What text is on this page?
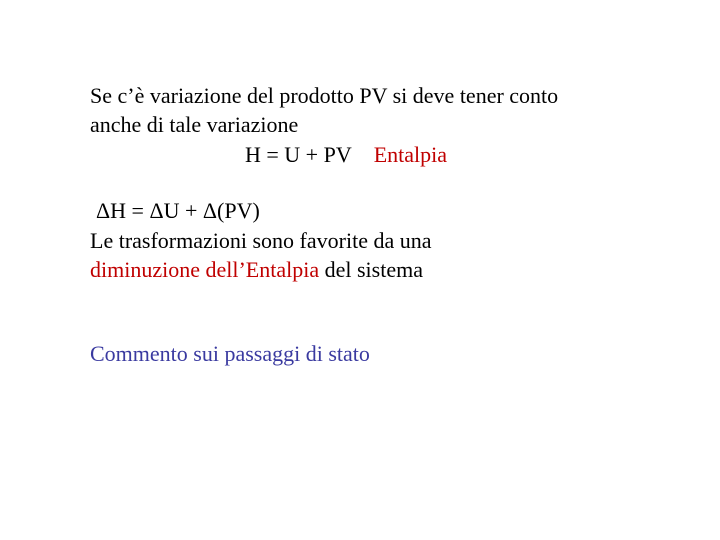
Se c’è variazione del prodotto PV si deve tener conto
anche di tale variazione
H = U + PV Entalpia
ΔH = ΔU + Δ(PV)
Le trasformazioni sono favorite da una
diminuzione dell’Entalpia del sistema
Commento sui passaggi di stato
